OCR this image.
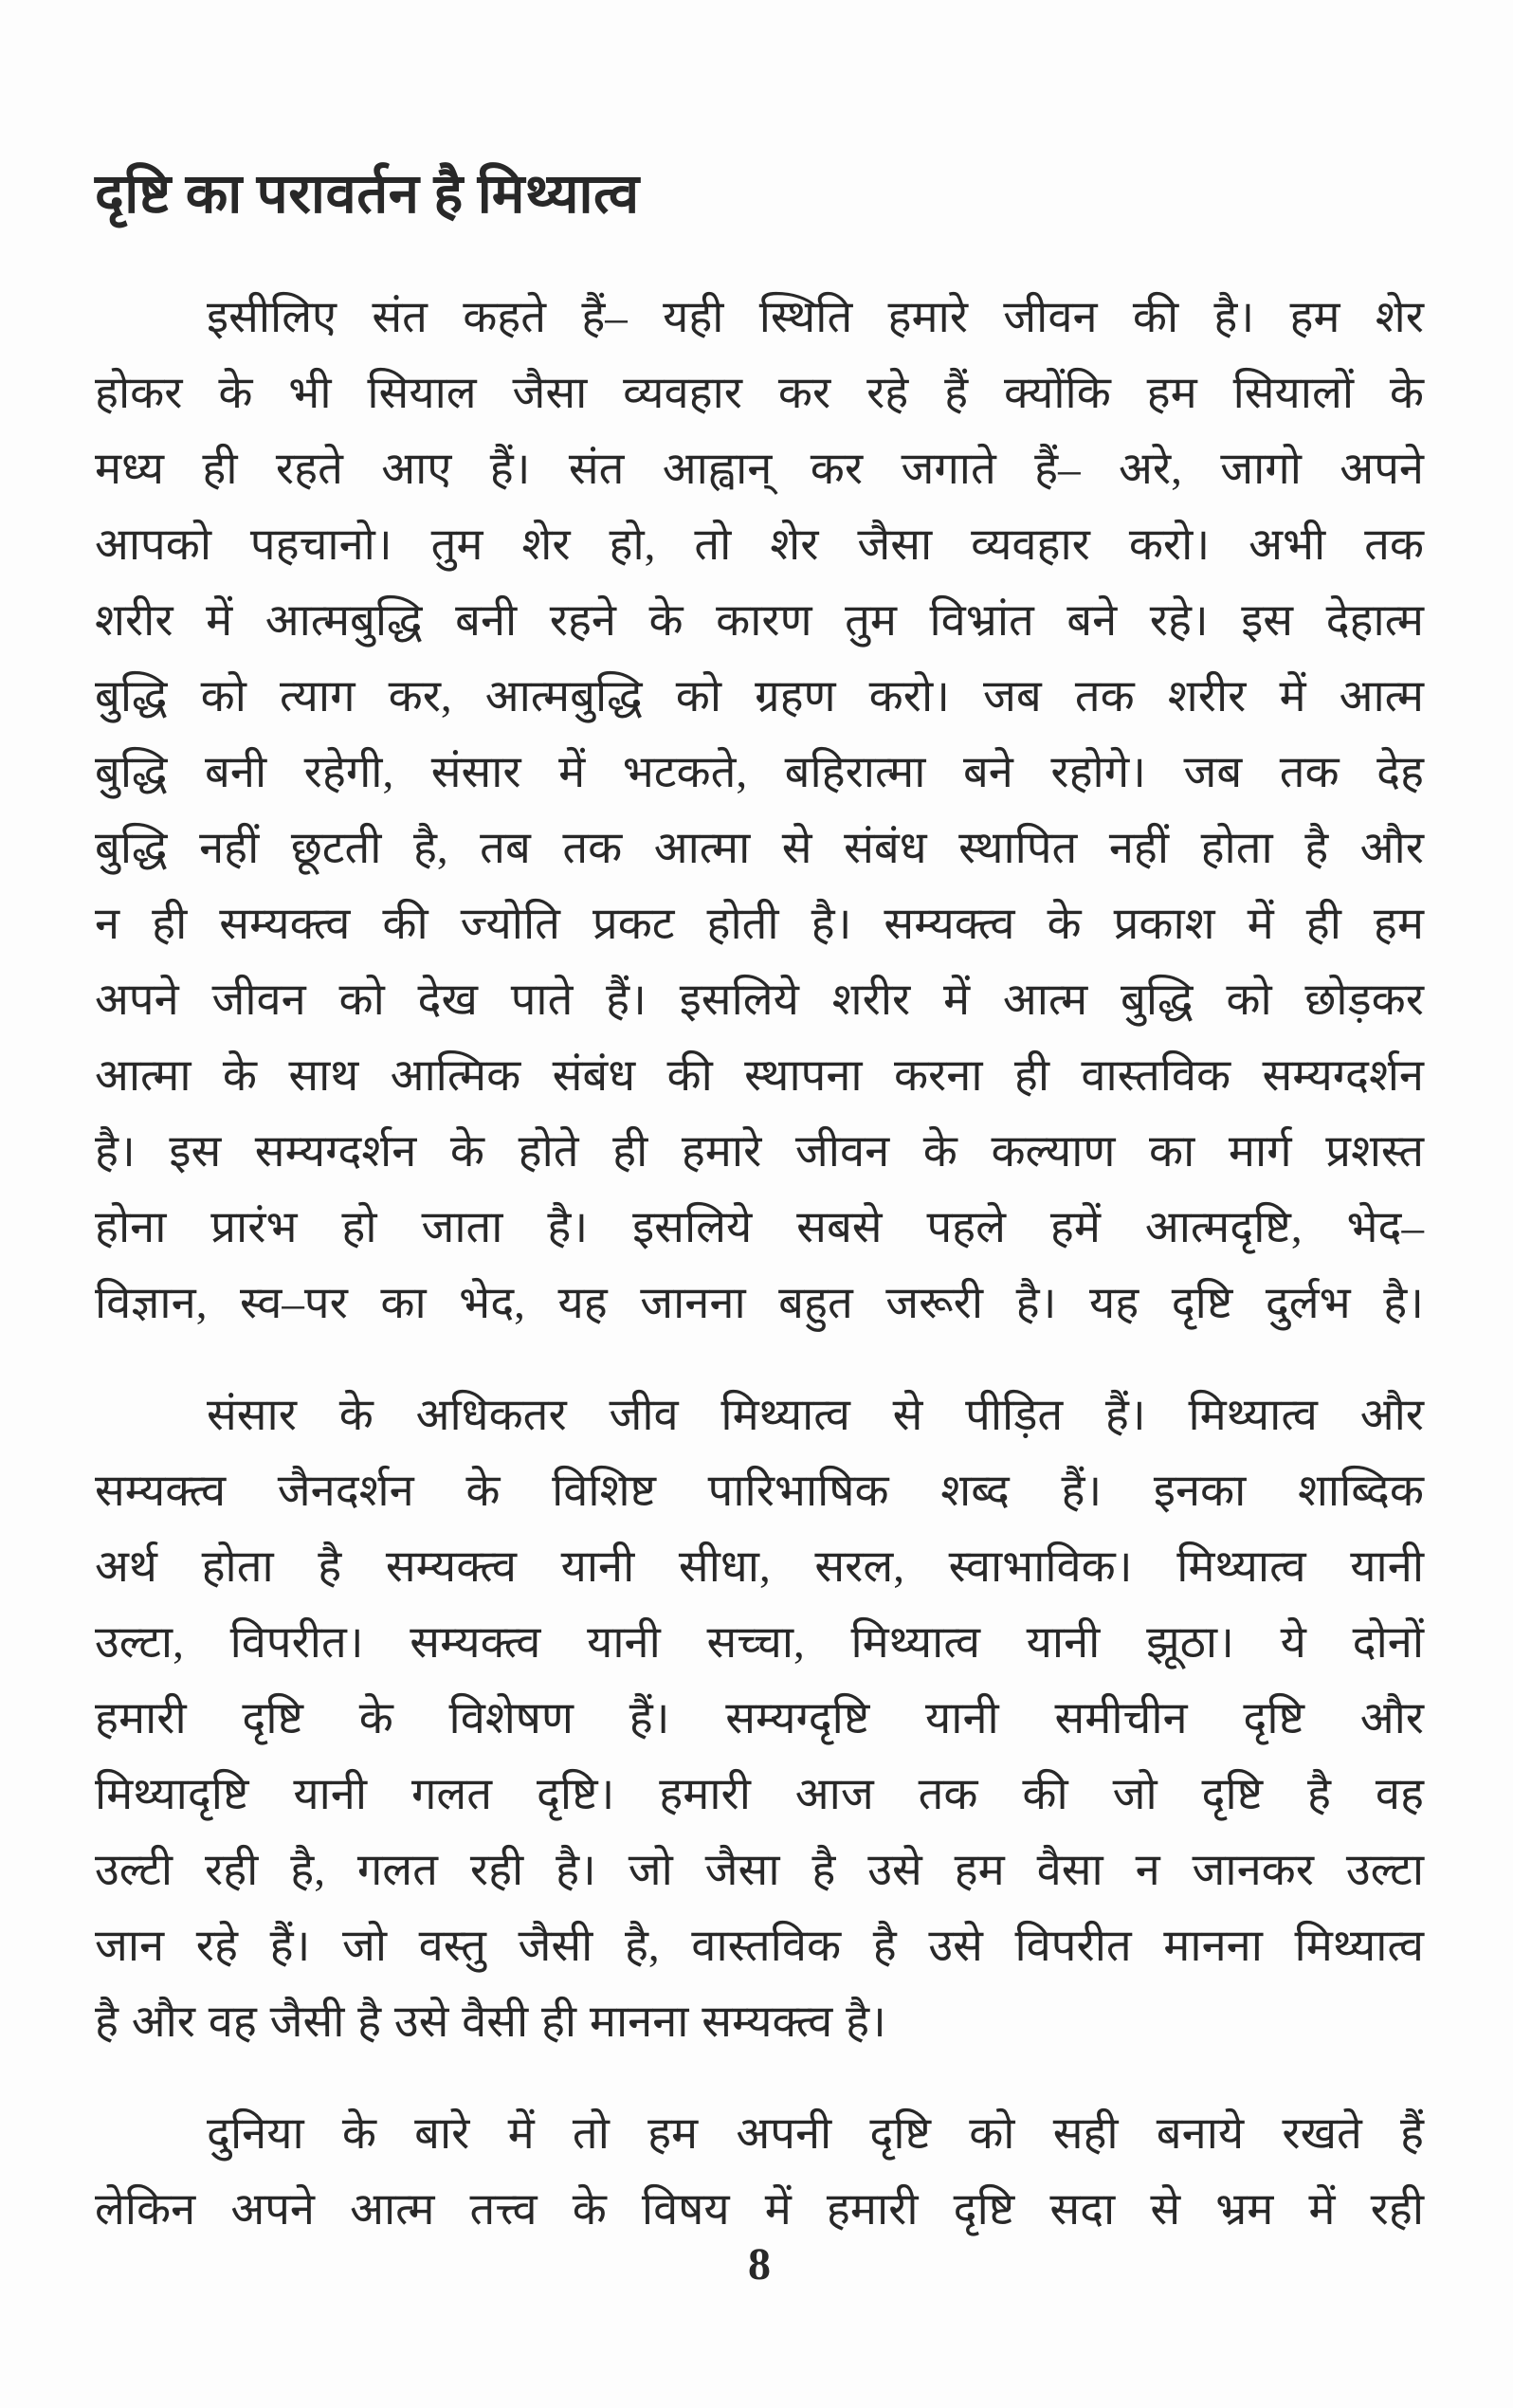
दृष्टि का परावर्तन है मिथ्यात्व
इसीलिए संत कहते हैं– यही स्थिति हमारे जीवन की है। हम शेर
होकर के भी सियाल जैसा व्यवहार कर रहे हैं क्योंकि हम सियालों के
मध्य ही रहते आए हैं। संत आह्वान् कर जगाते हैं– अरे, जागो अपने
आपको पहचानो। तुम शेर हो, तो शेर जैसा व्यवहार करो। अभी तक
शरीर में आत्मबुद्धि बनी रहने के कारण तुम विभ्रांत बने रहे। इस देहात्म
बुद्धि को त्याग कर, आत्मबुद्धि को ग्रहण करो। जब तक शरीर में आत्म
बुद्धि बनी रहेगी, संसार में भटकते, बहिरात्मा बने रहोगे। जब तक देह
बुद्धि नहीं छूटती है, तब तक आत्मा से संबंध स्थापित नहीं होता है और
न ही सम्यक्त्व की ज्योति प्रकट होती है। सम्यक्त्व के प्रकाश में ही हम
अपने जीवन को देख पाते हैं। इसलिये शरीर में आत्म बुद्धि को छोड़कर
आत्मा के साथ आत्मिक संबंध की स्थापना करना ही वास्तविक सम्यग्दर्शन
है। इस सम्यग्दर्शन के होते ही हमारे जीवन के कल्याण का मार्ग प्रशस्त
होना प्रारंभ हो जाता है। इसलिये सबसे पहले हमें आत्मदृष्टि, भेद–
विज्ञान, स्व–पर का भेद, यह जानना बहुत जरूरी है। यह दृष्टि दुर्लभ है।
संसार के अधिकतर जीव मिथ्यात्व से पीड़ित हैं। मिथ्यात्व और
सम्यक्त्व जैनदर्शन के विशिष्ट पारिभाषिक शब्द हैं। इनका शाब्दिक
अर्थ होता है सम्यक्त्व यानी सीधा, सरल, स्वाभाविक। मिथ्यात्व यानी
उल्टा, विपरीत। सम्यक्त्व यानी सच्चा, मिथ्यात्व यानी झूठा। ये दोनों
हमारी दृष्टि के विशेषण हैं। सम्यग्दृष्टि यानी समीचीन दृष्टि और
मिथ्यादृष्टि यानी गलत दृष्टि। हमारी आज तक की जो दृष्टि है वह
उल्टी रही है, गलत रही है। जो जैसा है उसे हम वैसा न जानकर उल्टा
जान रहे हैं। जो वस्तु जैसी है, वास्तविक है उसे विपरीत मानना मिथ्यात्व
है और वह जैसी है उसे वैसी ही मानना सम्यक्त्व है।
दुनिया के बारे में तो हम अपनी दृष्टि को सही बनाये रखते हैं
लेकिन अपने आत्म तत्त्व के विषय में हमारी दृष्टि सदा से भ्रम में रही
8
